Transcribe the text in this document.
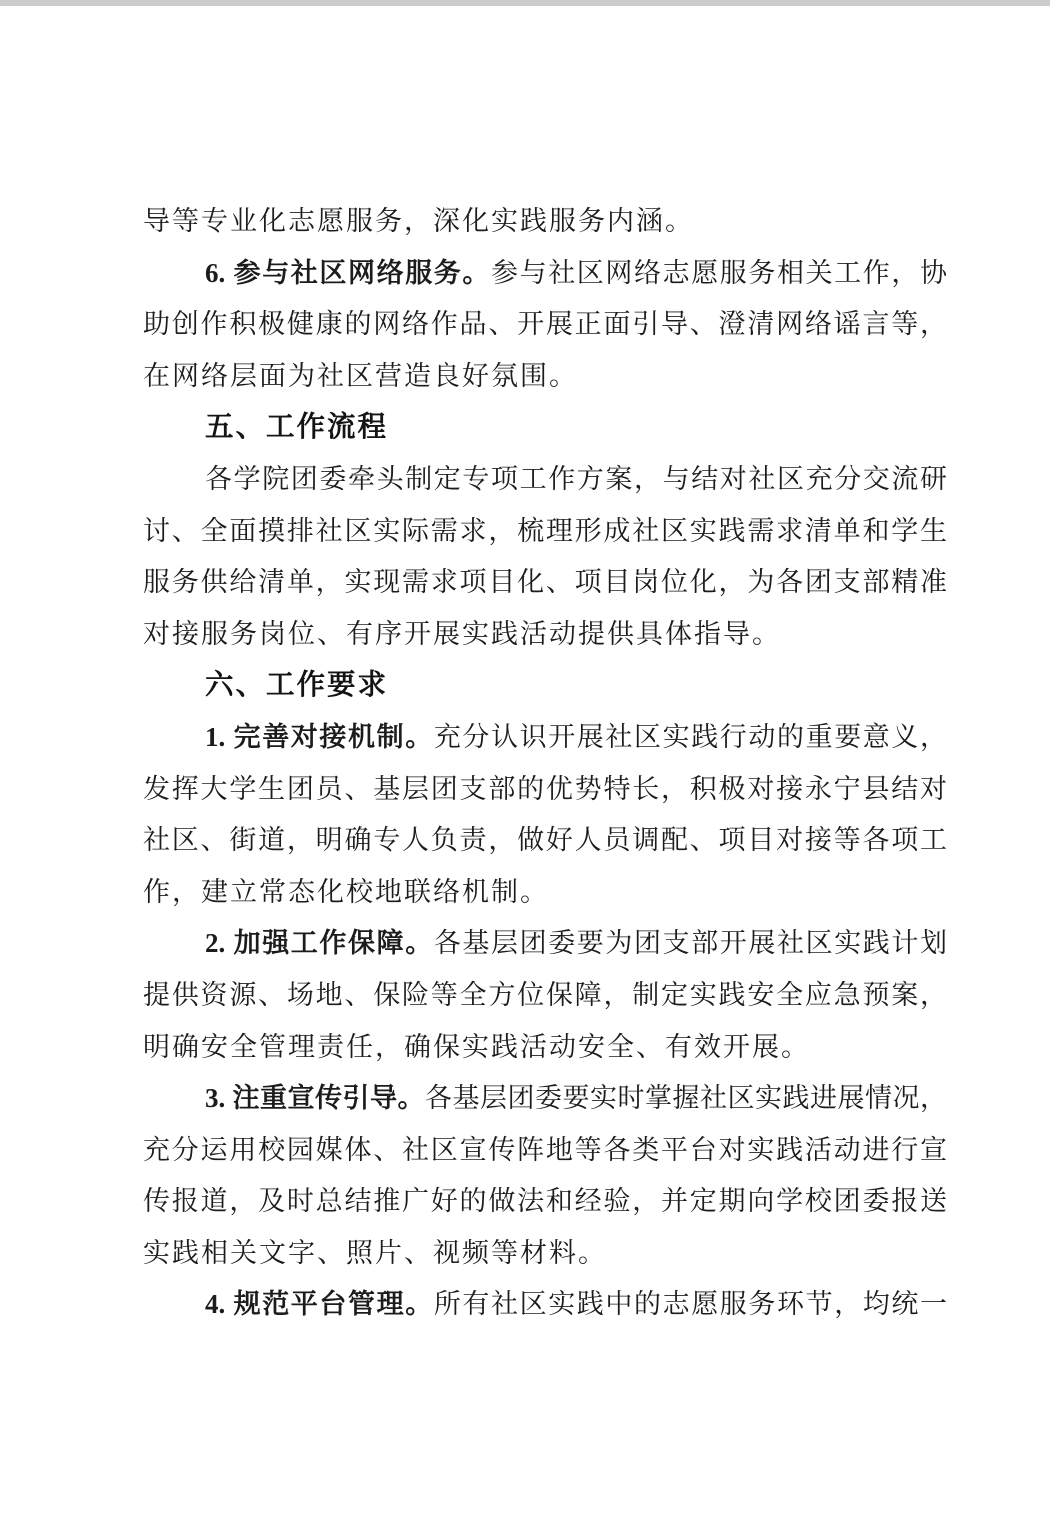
导等专业化志愿服务，深化实践服务内涵。
6. 参与社区网络服务。参与社区网络志愿服务相关工作，协
助创作积极健康的网络作品、开展正面引导、澄清网络谣言等，
在网络层面为社区营造良好氛围。
五、工作流程
各学院团委牵头制定专项工作方案，与结对社区充分交流研
讨、全面摸排社区实际需求，梳理形成社区实践需求清单和学生
服务供给清单，实现需求项目化、项目岗位化，为各团支部精准
对接服务岗位、有序开展实践活动提供具体指导。
六、工作要求
1. 完善对接机制。充分认识开展社区实践行动的重要意义，
发挥大学生团员、基层团支部的优势特长，积极对接永宁县结对
社区、街道，明确专人负责，做好人员调配、项目对接等各项工
作，建立常态化校地联络机制。
2. 加强工作保障。各基层团委要为团支部开展社区实践计划
提供资源、场地、保险等全方位保障，制定实践安全应急预案，
明确安全管理责任，确保实践活动安全、有效开展。
3. 注重宣传引导。各基层团委要实时掌握社区实践进展情况，
充分运用校园媒体、社区宣传阵地等各类平台对实践活动进行宣
传报道，及时总结推广好的做法和经验，并定期向学校团委报送
实践相关文字、照片、视频等材料。
4. 规范平台管理。所有社区实践中的志愿服务环节，均统一
